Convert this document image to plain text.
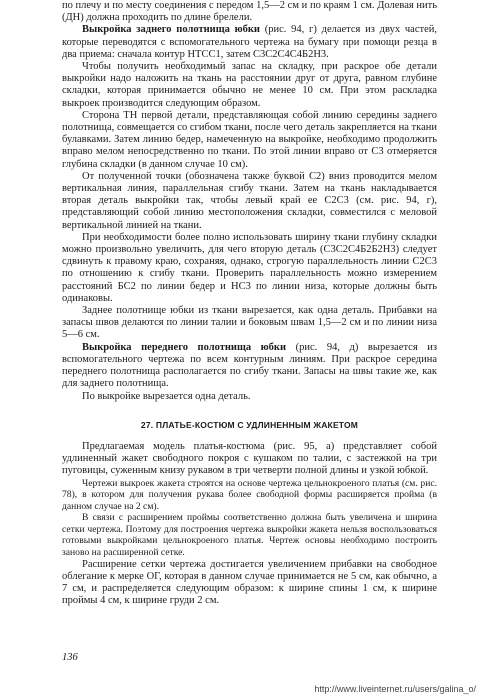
по плечу и по месту соединения с передом 1,5—2 см и по краям 1 см. Долевая нить (ДН) должна проходить по длине брелели.

Выкройка заднего полотнища юбки (рис. 94, г) делается из двух частей, которые переводятся с вспомогательного чертежа на бумагу при помощи резца в два приема: сначала контур НТСС1, затем С3С2С4С4Б2Н3.

Чтобы получить необходимый запас на складку, при раскрое обе детали выкройки надо наложить на ткань на расстоянии друг от друга, равном глубине складки, которая принимается обычно не менее 10 см. При этом раскладка выкроек производится следующим образом.

Сторона ТН первой детали, представляющая собой линию середины заднего полотнища, совмещается со сгибом ткани, после чего деталь закрепляется на ткани булавками. Затем линию бедер, намеченную на выкройке, необходимо продолжить вправо мелом непосредственно по ткани. По этой линии вправо от С3 отмеряется глубина складки (в данном случае 10 см).

От полученной точки (обозначена также буквой С2) вниз проводится мелом вертикальная линия, параллельная сгибу ткани. Затем на ткань накладывается вторая деталь выкройки так, чтобы левый край ее С2С3 (см. рис. 94, г), представляющий собой линию местоположения складки, совместился с меловой вертикальной линией на ткани.

При необходимости более полно использовать ширину ткани глубину складки можно произвольно увеличить, для чего вторую деталь (С3С2С4Б2Б2Н3) следует сдвинуть к правому краю, сохраняя, однако, строгую параллельность линии С2С3 по отношению к сгибу ткани. Проверить параллельность можно измерением расстояний БС2 по линии бедер и НС3 по линии низа, которые должны быть одинаковы.

Заднее полотнище юбки из ткани вырезается, как одна деталь. Прибавки на запасы швов делаются по линии талии и боковым швам 1,5—2 см и по линии низа 5—6 см.

Выкройка переднего полотнища юбки (рис. 94, д) вырезается из вспомогательного чертежа по всем контурным линиям. При раскрое середина переднего полотнища располагается по сгибу ткани. Запасы на швы такие же, как для заднего полотнища.

По выкройке вырезается одна деталь.

27. ПЛАТЬЕ-КОСТЮМ С УДЛИНЕННЫМ ЖАКЕТОМ

Предлагаемая модель платья-костюма (рис. 95, а) представляет собой удлиненный жакет свободного покроя с кушаком по талии, с застежкой на три пуговицы, суженным книзу рукавом в три четверти полной длины и узкой юбкой.

Чертежи выкроек жакета строятся на основе чертежа цельнокроеного платья (см. рис. 78), в котором для получения рукава более свободной формы расширяется пройма (в данном случае на 2 см).

В связи с расширением проймы соответственно должна быть увеличена и ширина сетки чертежа. Поэтому для построения чертежа выкройки жакета нельзя воспользоваться готовыми выкройками цельнокроеного платья. Чертеж основы необходимо построить заново на расширенной сетке.

Расширение сетки чертежа достигается увеличением прибавки на свободное облегание к мерке ОГ, которая в данном случае принимается не 5 см, как обычно, а 7 см, и распределяется следующим образом: к ширине спины 1 см, к ширине проймы 4 см, к ширине груди 2 см.

136
http://www.liveinternet.ru/users/galina_o/
